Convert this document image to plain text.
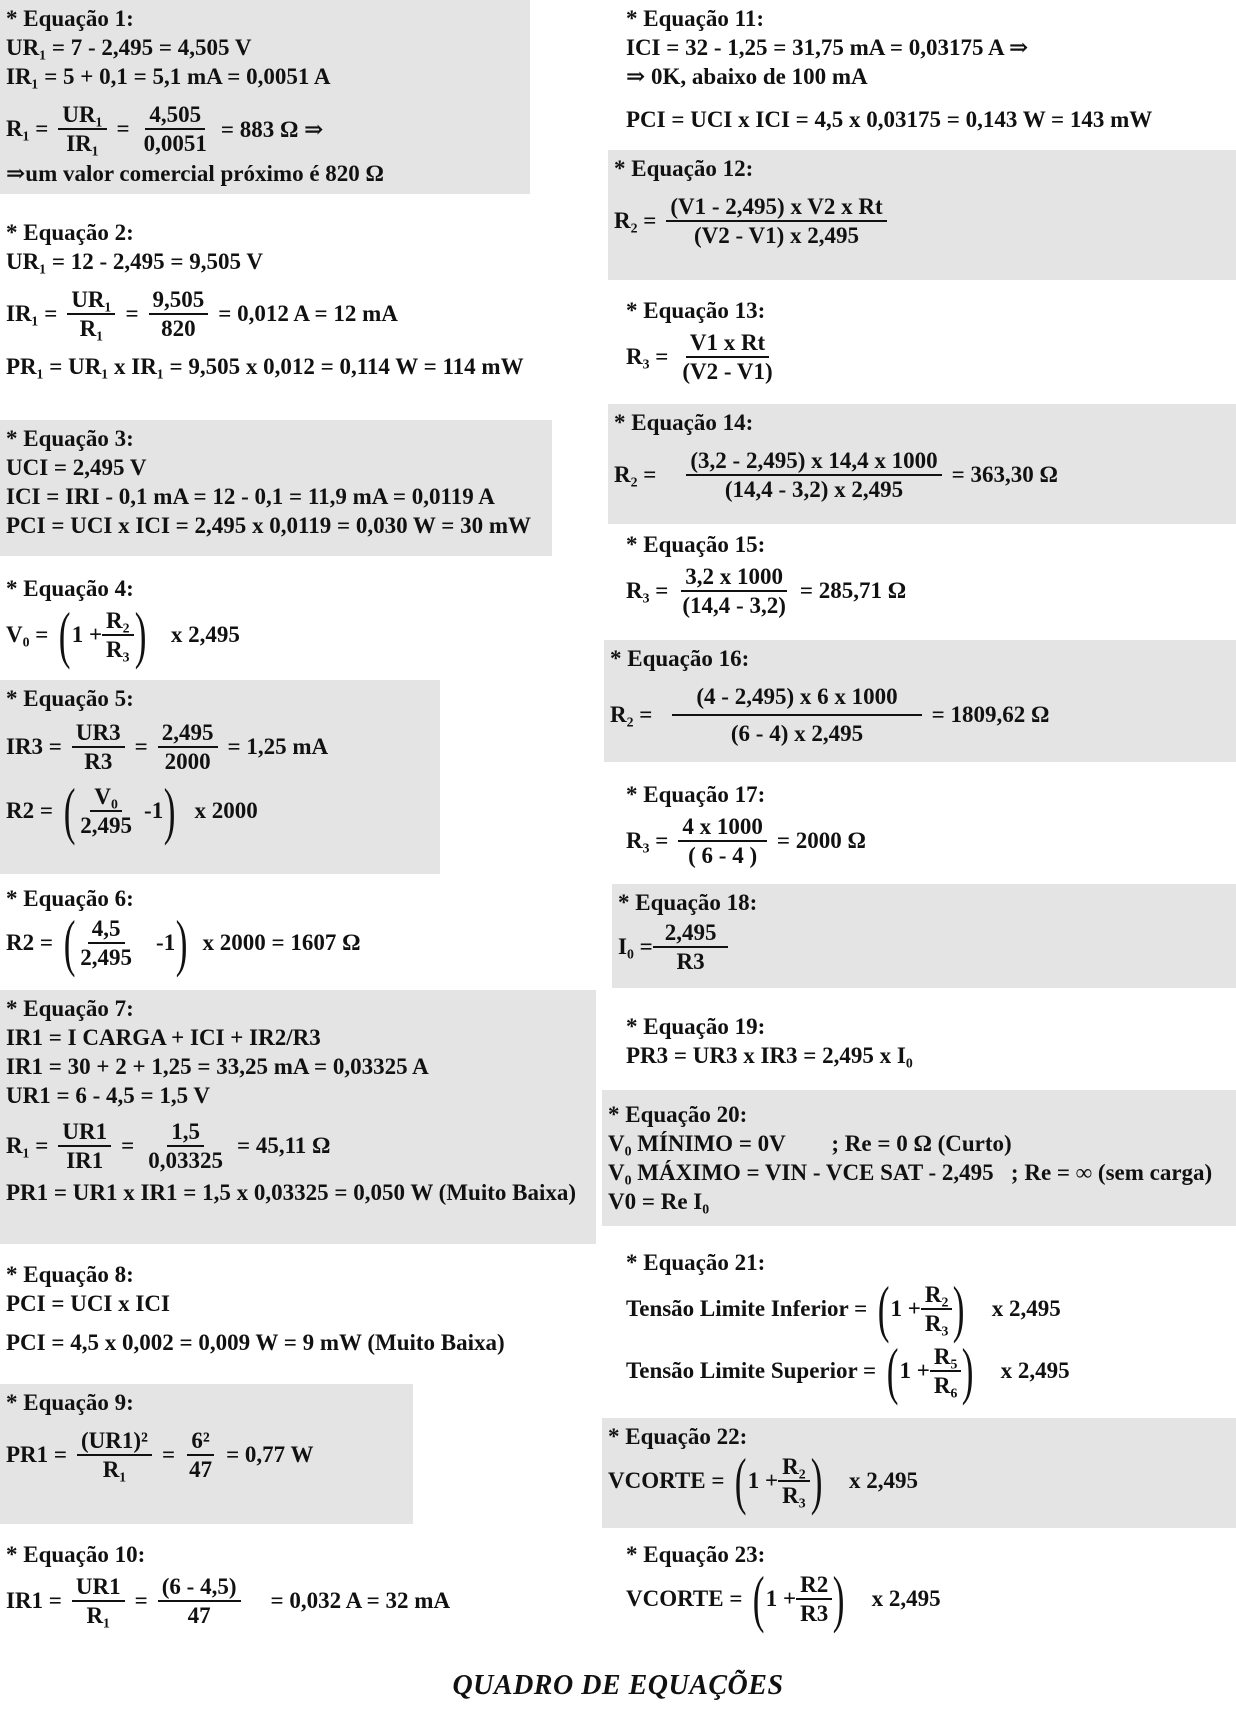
* Equação 1:
UR₁ = 7 - 2,495 = 4,505 V
IR₁ = 5 + 0,1 = 5,1 mA = 0,0051 A
$R_1 = \frac{\text{UR₁}}{\text{IR₁}} = \frac{4,505}{0,0051} = 883$ Ω ⇒
⇒um valor comercial próximo é 820 Ω
* Equação 2:
UR₁ = 12 - 2,495 = 9,505 V
$IR_1 = \frac{\text{UR₁}}{\text{R₁}} = \frac{9,505}{820} = 0,012$ A = 12 mA
PR₁ = UR₁ x IR₁ = 9,505 x 0,012 = 0,114 W = 114 mW
* Equação 3:
UCI = 2,495 V
ICI = IRI - 0,1 mA = 12 - 0,1 = 11,9 mA = 0,0119 A
PCI = UCI x ICI = 2,495 x 0,0119 = 0,030 W = 30 mW
* Equação 4:
V₀ = ( $1 + \frac{\text{R₂}}{\text{R₃}}$ ) x 2,495
* Equação 5:
$IR3 = \frac{UR3}{R3} = \frac{2,495}{2000} = 1,25$ mA
R2 = ( $\frac{\text{V₀}}{2,495} -1$ ) x 2000
* Equação 6:
R2 = ( $\frac{4,5}{2,495} -1$ ) x 2000 = 1607 Ω
* Equação 7:
IR1 = I CARGA + ICI + IR2/R3
IR1 = 30 + 2 + 1,25 = 33,25 mA = 0,03325 A
UR1 = 6 - 4,5 = 1,5 V
$R_1 = \frac{UR1}{IR1} = \frac{1,5}{0,03325} = 45,11$ Ω
PR1 = UR1 x IR1 = 1,5 x 0,03325 = 0,050 W (Muito Baixa)
* Equação 8:
PCI = UCI x ICI
PCI = 4,5 x 0,002 = 0,009 W = 9 mW (Muito Baixa)
* Equação 9:
$PR1 = \frac{\text{(UR1)²}}{\text{R₁}} = \frac{\text{6²}}{47} = 0,77$ W
* Equação 10:
$IR1 = \frac{UR1}{\text{R₁}} = \frac{(6 - 4,5)}{47} = 0,032$ A = 32 mA
* Equação 11:
ICI = 32 - 1,25 = 31,75 mA = 0,03175 A ⇒
⇒ 0K, abaixo de 100 mA
PCI = UCI x ICI = 4,5 x 0,03175 = 0,143 W = 143 mW
* Equação 12:
$R_2 = \frac{\text{(V1 - 2,495) x V2 x Rt}}{(V2 - V1) x 2,495}$
* Equação 13:
$R_3 = \frac{\text{V1 x Rt}}{(V2 - V1)}$
* Equação 14:
$R_2 = \frac{(3,2 - 2,495) x 14,4 x 1000}{(14,4 - 3,2) x 2,495} = 363,30$ Ω
* Equação 15:
$R_3 = \frac{3,2 x 1000}{(14,4 - 3,2)} = 285,71$ Ω
* Equação 16:
$R_2 = \frac{(4 - 2,495) x 6 x 1000}{(6 - 4) x 2,495} = 1809,62$ Ω
* Equação 17:
$R_3 = \frac{4 x 1000}{( 6 - 4 )} = 2000$ Ω
* Equação 18:
$I_0 = \frac{2,495}{R3}$
* Equação 19:
PR3 = UR3 x IR3 = 2,495 x I₀
* Equação 20:
V₀ MÍNIMO = 0V        ; Re = 0 Ω (Curto)
V₀ MÁXIMO = VIN - VCE SAT - 2,495   ; Re = ∞ (sem carga)
V0 = Re I₀
* Equação 21:
Tensão Limite Inferior = ( $1 + \frac{\text{R₂}}{\text{R₃}}$ ) x 2,495
Tensão Limite Superior = ( $1 + \frac{\text{R₅}}{\text{R₆}}$ ) x 2,495
* Equação 22:
VCORTE = ( $1 + \frac{\text{R₂}}{\text{R₃}}$ ) x 2,495
* Equação 23:
VCORTE = ( $1 + \frac{R2}{R3}$ ) x 2,495
QUADRO DE EQUAÇÕES
